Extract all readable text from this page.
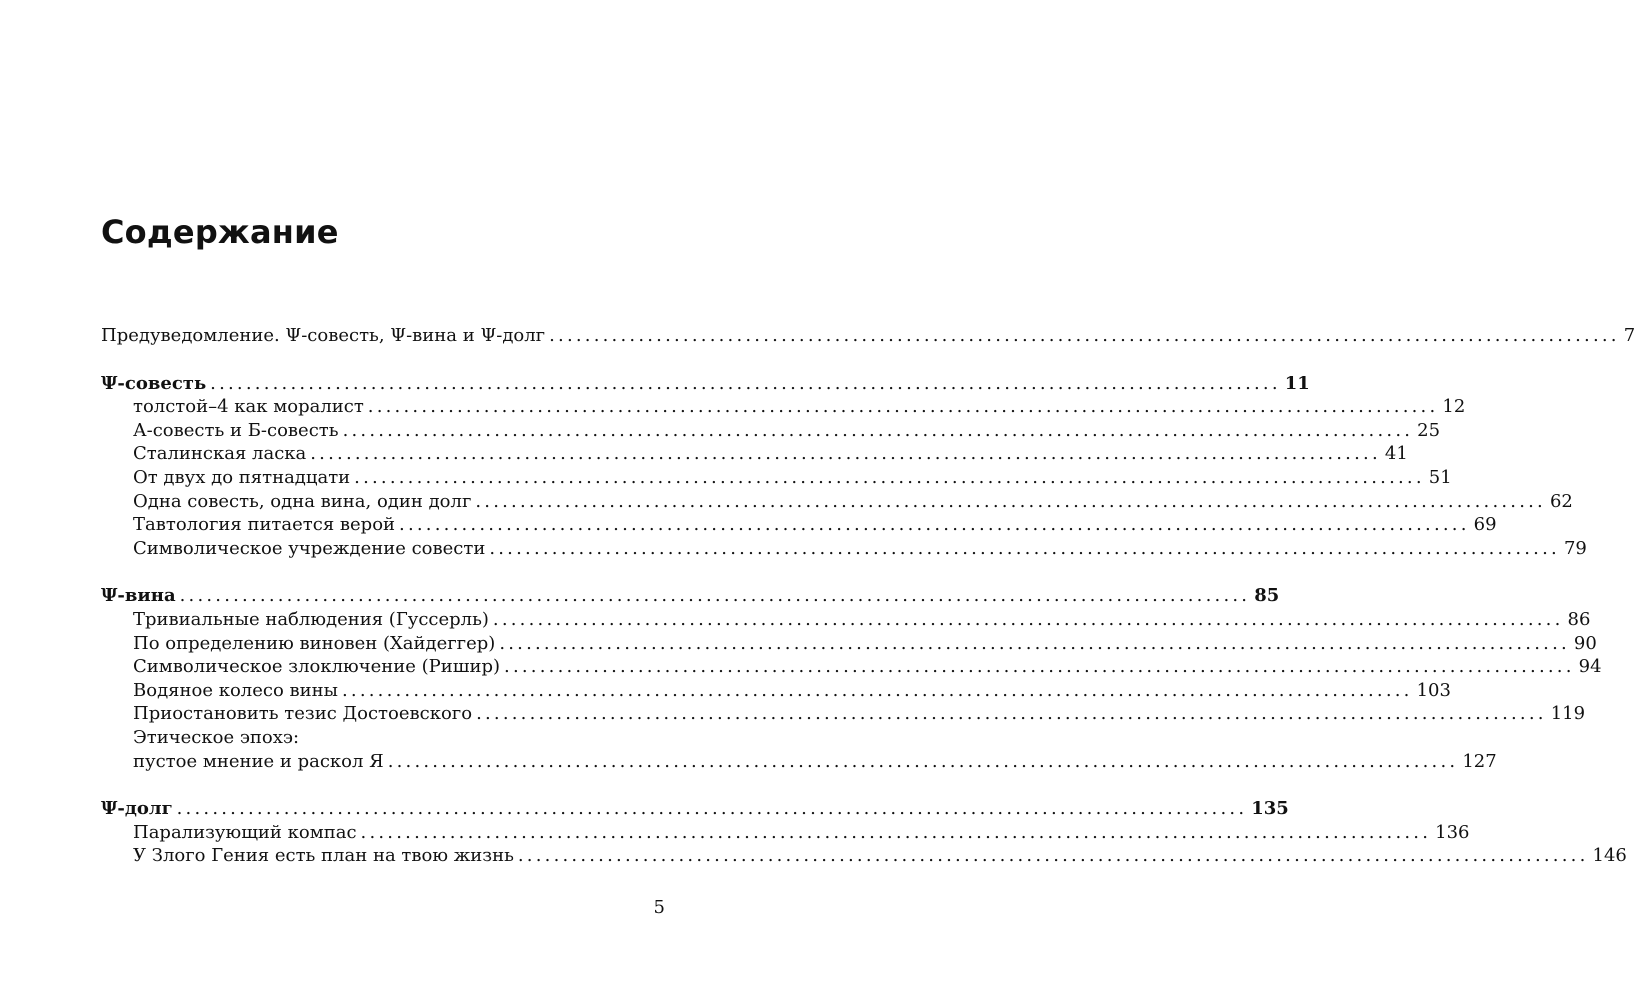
Содержание
Предуведомление. Ψ-совесть, Ψ-вина и Ψ-долг ........................................................................................................................ 7
Ψ-совесть ........................................................................................................................ 11
толстой–4 как моралист ........................................................................................................................ 12
А-совесть и Б-совесть ........................................................................................................................ 25
Сталинская ласка ........................................................................................................................ 41
От двух до пятнадцати ........................................................................................................................ 51
Одна совесть, одна вина, один долг ........................................................................................................................ 62
Тавтология питается верой ........................................................................................................................ 69
Символическое учреждение совести ........................................................................................................................ 79
Ψ-вина ........................................................................................................................ 85
Тривиальные наблюдения (Гуссерль) ........................................................................................................................ 86
По определению виновен (Хайдеггер) ........................................................................................................................ 90
Символическое злоключение (Ришир) ........................................................................................................................ 94
Водяное колесо вины ........................................................................................................................ 103
Приостановить тезис Достоевского ........................................................................................................................ 119
Этическое эпохэ:
пустое мнение и раскол Я ........................................................................................................................ 127
Ψ-долг ........................................................................................................................ 135
Парализующий компас ........................................................................................................................ 136
У Злого Гения есть план на твою жизнь ........................................................................................................................ 146
5
